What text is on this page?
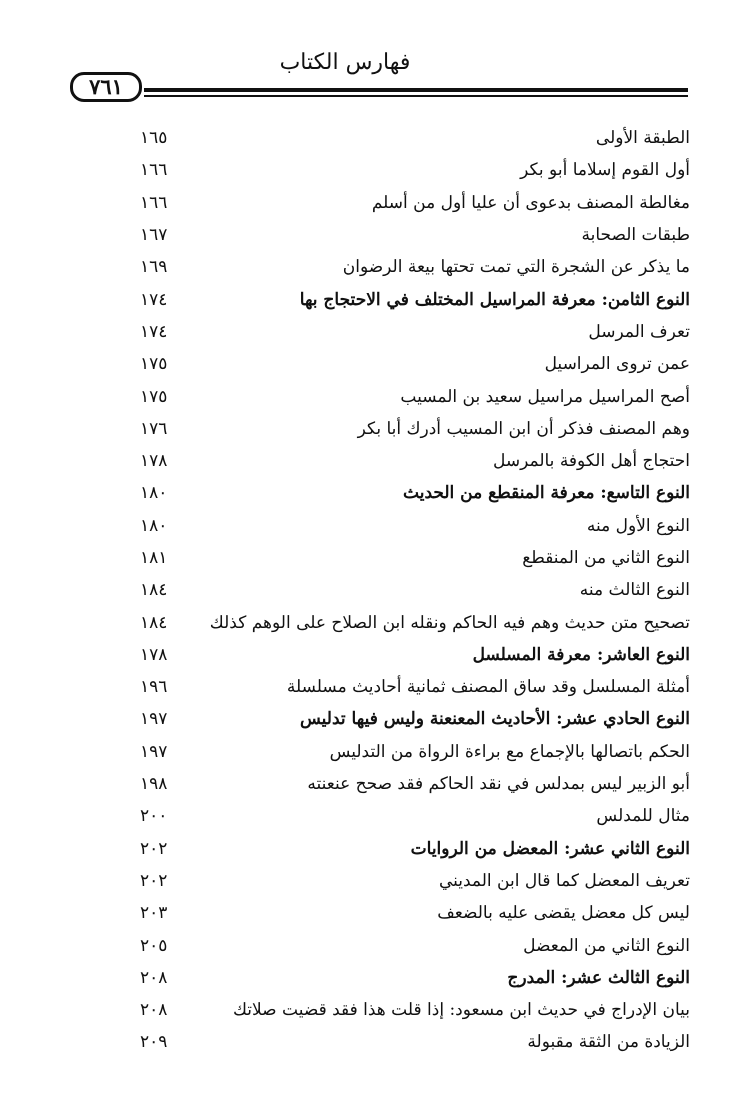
فهارس الكتاب
٧٦١
الطبقة الأولى
١٦٥
أول القوم إسلاما أبو بكر
١٦٦
مغالطة المصنف بدعوى أن عليا أول من أسلم
١٦٦
طبقات الصحابة
١٦٧
ما يذكر عن الشجرة التي تمت تحتها بيعة الرضوان
١٦٩
النوع الثامن: معرفة المراسيل المختلف في الاحتجاج بها
١٧٤
تعرف المرسل
١٧٤
عمن تروى المراسيل
١٧٥
أصح المراسيل مراسيل سعيد بن المسيب
١٧٥
وهم المصنف فذكر أن ابن المسيب أدرك أبا بكر
١٧٦
احتجاج أهل الكوفة بالمرسل
١٧٨
النوع التاسع: معرفة المنقطع من الحديث
١٨٠
النوع الأول منه
١٨٠
النوع الثاني من المنقطع
١٨١
النوع الثالث منه
١٨٤
تصحيح متن حديث وهم فيه الحاكم ونقله ابن الصلاح على الوهم كذلك
١٨٤
النوع العاشر: معرفة المسلسل
١٧٨
أمثلة المسلسل وقد ساق المصنف ثمانية أحاديث مسلسلة
١٩٦
النوع الحادي عشر: الأحاديث المعنعنة وليس فيها تدليس
١٩٧
الحكم باتصالها بالإجماع مع براءة الرواة من التدليس
١٩٧
أبو الزبير ليس بمدلس في نقد الحاكم فقد صحح عنعنته
١٩٨
مثال للمدلس
٢٠٠
النوع الثاني عشر: المعضل من الروايات
٢٠٢
تعريف المعضل كما قال ابن المديني
٢٠٢
ليس كل معضل يقضى عليه بالضعف
٢٠٣
النوع الثاني من المعضل
٢٠٥
النوع الثالث عشر: المدرج
٢٠٨
بيان الإدراج في حديث ابن مسعود: إذا قلت هذا فقد قضيت صلاتك
٢٠٨
الزيادة من الثقة مقبولة
٢٠٩
